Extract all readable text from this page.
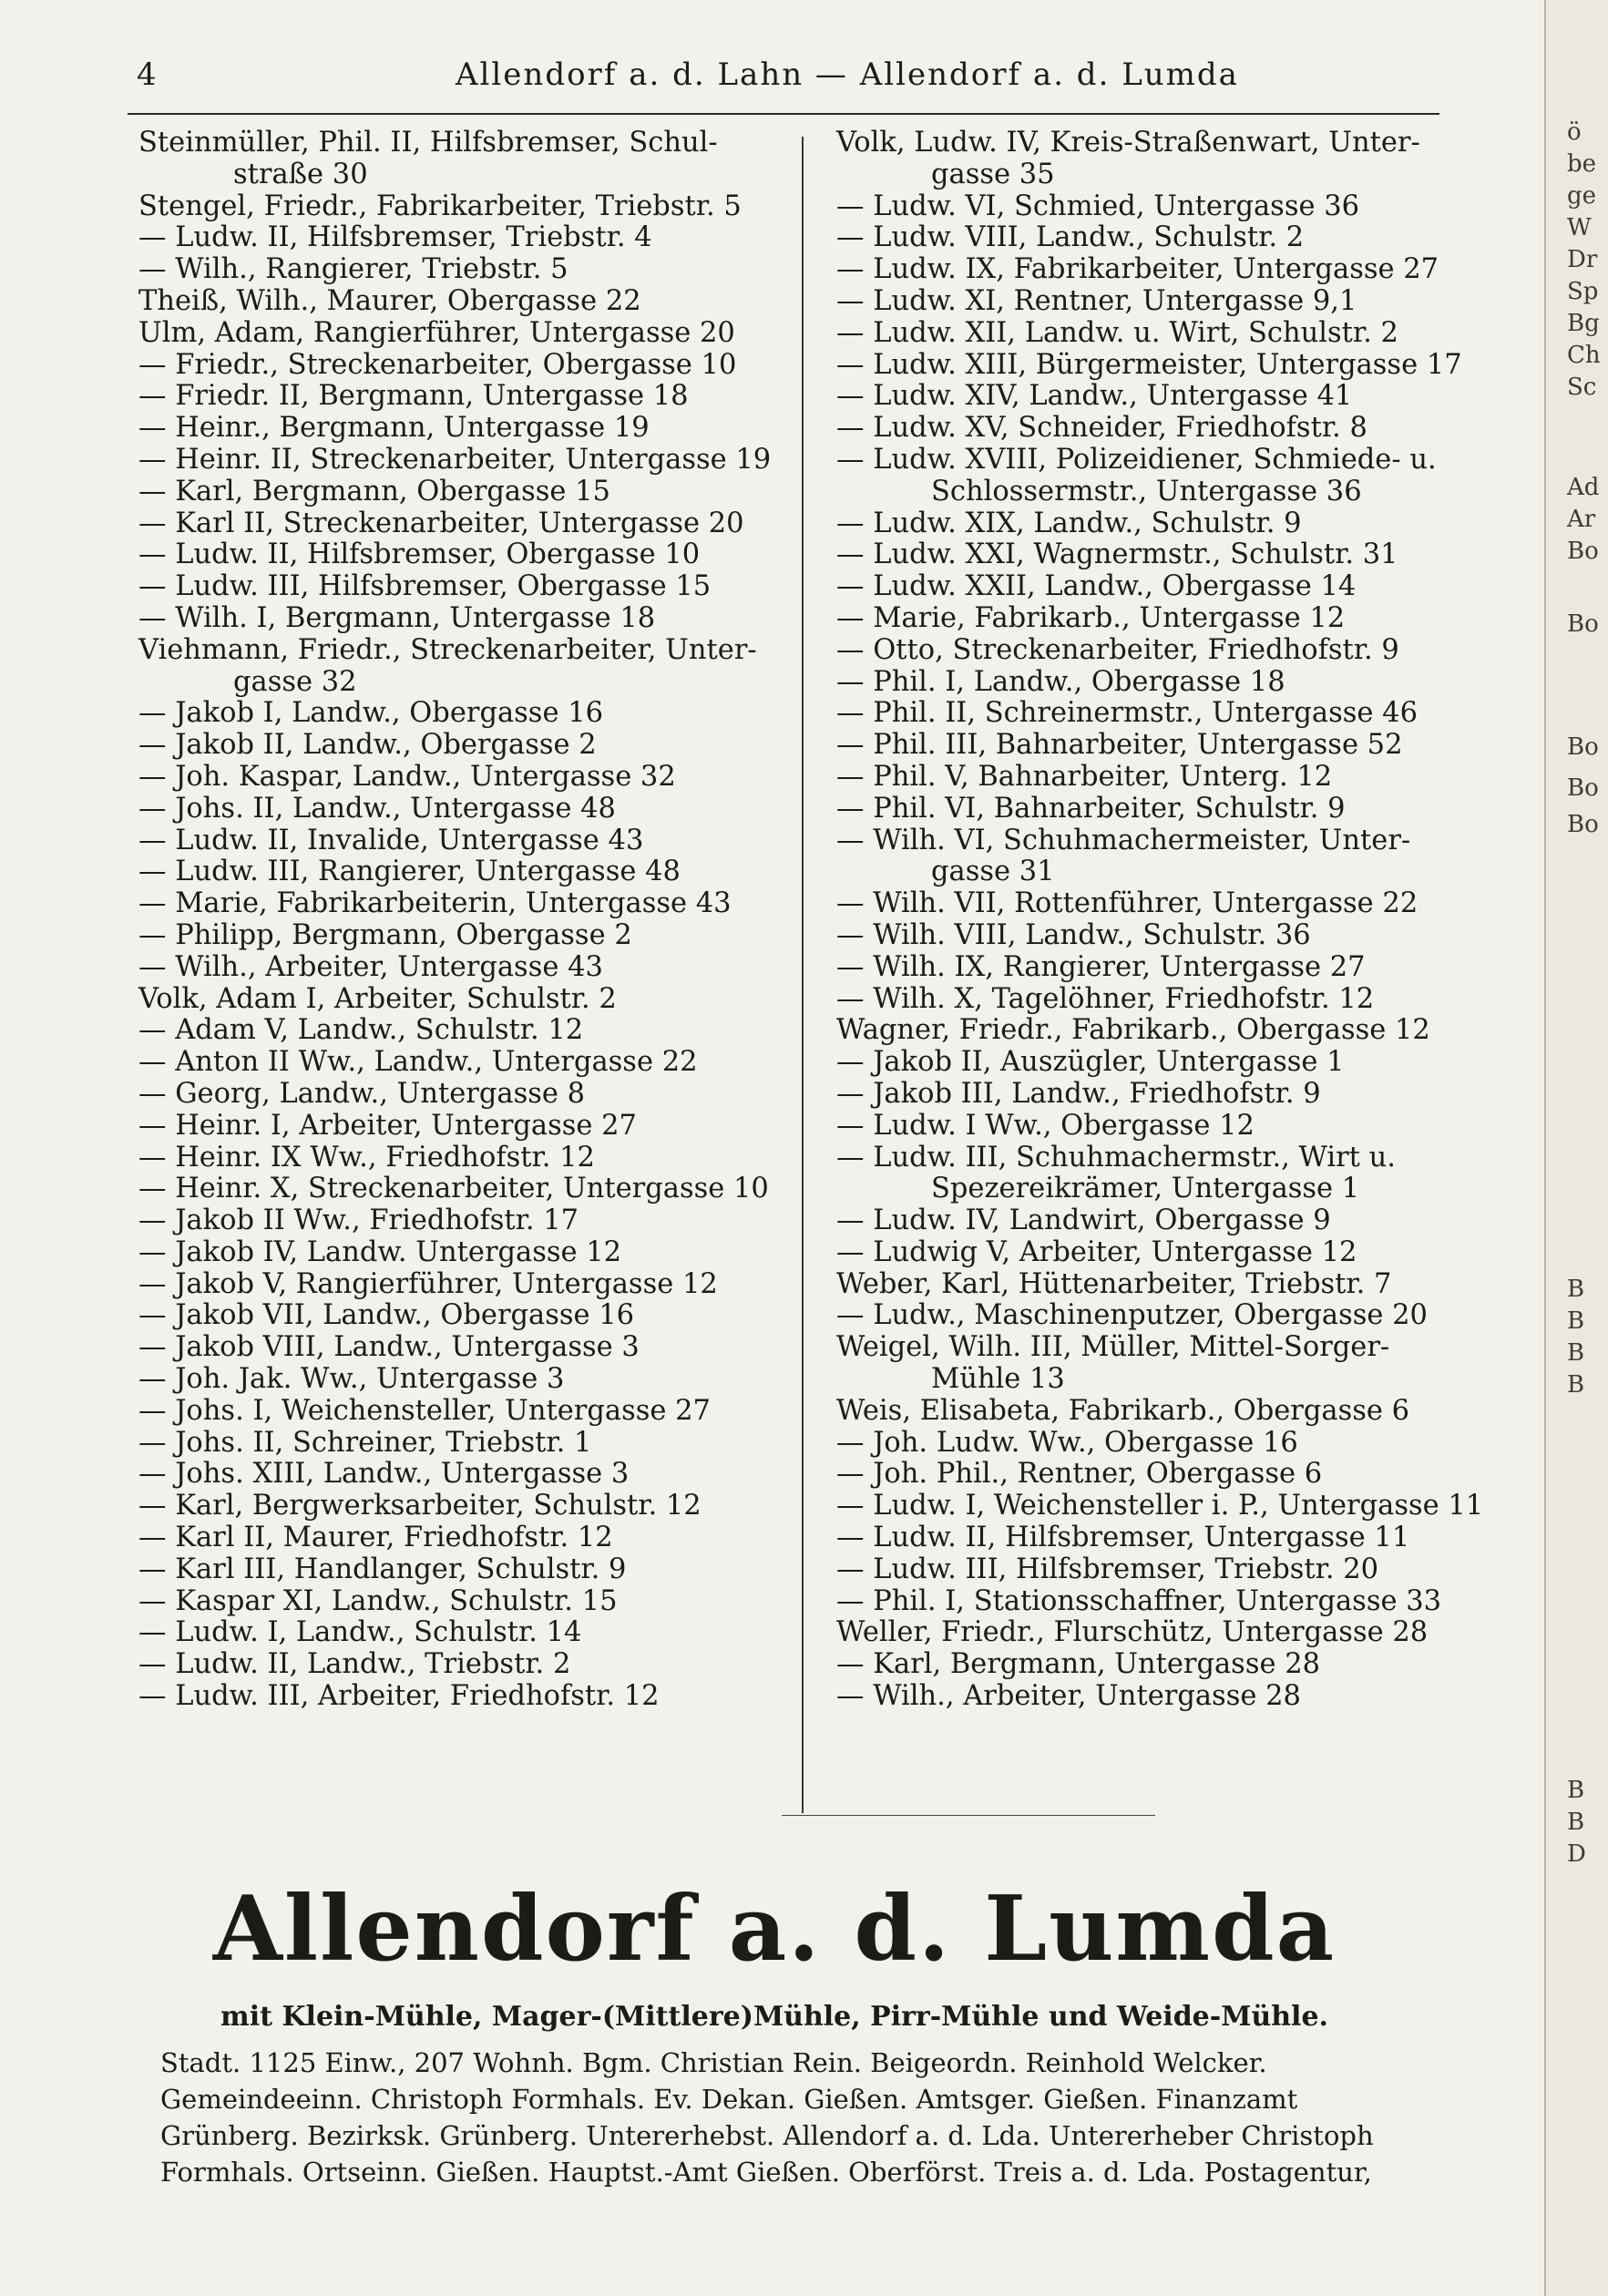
4	Allendorf a. d. Lahn — Allendorf a. d. Lumda
Steinmüller, Phil. II, Hilfsbremser, Schul-
straße 30
Stengel, Friedr., Fabrikarbeiter, Triebstr. 5
— Ludw. II, Hilfsbremser, Triebstr. 4
— Wilh., Rangierer, Triebstr. 5
Theiß, Wilh., Maurer, Obergasse 22
Ulm, Adam, Rangierführer, Untergasse 20
— Friedr., Streckenarbeiter, Obergasse 10
— Friedr. II, Bergmann, Untergasse 18
— Heinr., Bergmann, Untergasse 19
— Heinr. II, Streckenarbeiter, Untergasse 19
— Karl, Bergmann, Obergasse 15
— Karl II, Streckenarbeiter, Untergasse 20
— Ludw. II, Hilfsbremser, Obergasse 10
— Ludw. III, Hilfsbremser, Obergasse 15
— Wilh. I, Bergmann, Untergasse 18
Viehmann, Friedr., Streckenarbeiter, Unter-
gasse 32
— Jakob I, Landw., Obergasse 16
— Jakob II, Landw., Obergasse 2
— Joh. Kaspar, Landw., Untergasse 32
— Johs. II, Landw., Untergasse 48
— Ludw. II, Invalide, Untergasse 43
— Ludw. III, Rangierer, Untergasse 48
— Marie, Fabrikarbeiterin, Untergasse 43
— Philipp, Bergmann, Obergasse 2
— Wilh., Arbeiter, Untergasse 43
Volk, Adam I, Arbeiter, Schulstr. 2
— Adam V, Landw., Schulstr. 12
— Anton II Ww., Landw., Untergasse 22
— Georg, Landw., Untergasse 8
— Heinr. I, Arbeiter, Untergasse 27
— Heinr. IX Ww., Friedhofstr. 12
— Heinr. X, Streckenarbeiter, Untergasse 10
— Jakob II Ww., Friedhofstr. 17
— Jakob IV, Landw. Untergasse 12
— Jakob V, Rangierführer, Untergasse 12
— Jakob VII, Landw., Obergasse 16
— Jakob VIII, Landw., Untergasse 3
— Joh. Jak. Ww., Untergasse 3
— Johs. I, Weichensteller, Untergasse 27
— Johs. II, Schreiner, Triebstr. 1
— Johs. XIII, Landw., Untergasse 3
— Karl, Bergwerksarbeiter, Schulstr. 12
— Karl II, Maurer, Friedhofstr. 12
— Karl III, Handlanger, Schulstr. 9
— Kaspar XI, Landw., Schulstr. 15
— Ludw. I, Landw., Schulstr. 14
— Ludw. II, Landw., Triebstr. 2
— Ludw. III, Arbeiter, Friedhofstr. 12
Volk, Ludw. IV, Kreis-Straßenwart, Unter-
gasse 35
— Ludw. VI, Schmied, Untergasse 36
— Ludw. VIII, Landw., Schulstr. 2
— Ludw. IX, Fabrikarbeiter, Untergasse 27
— Ludw. XI, Rentner, Untergasse 9,1
— Ludw. XII, Landw. u. Wirt, Schulstr. 2
— Ludw. XIII, Bürgermeister, Untergasse 17
— Ludw. XIV, Landw., Untergasse 41
— Ludw. XV, Schneider, Friedhofstr. 8
— Ludw. XVIII, Polizeidiener, Schmiede- u.
Schlossermstr., Untergasse 36
— Ludw. XIX, Landw., Schulstr. 9
— Ludw. XXI, Wagnermstr., Schulstr. 31
— Ludw. XXII, Landw., Obergasse 14
— Marie, Fabrikarb., Untergasse 12
— Otto, Streckenarbeiter, Friedhofstr. 9
— Phil. I, Landw., Obergasse 18
— Phil. II, Schreinermstr., Untergasse 46
— Phil. III, Bahnarbeiter, Untergasse 52
— Phil. V, Bahnarbeiter, Unterg. 12
— Phil. VI, Bahnarbeiter, Schulstr. 9
— Wilh. VI, Schuhmachermeister, Unter-
gasse 31
— Wilh. VII, Rottenführer, Untergasse 22
— Wilh. VIII, Landw., Schulstr. 36
— Wilh. IX, Rangierer, Untergasse 27
— Wilh. X, Tagelöhner, Friedhofstr. 12
Wagner, Friedr., Fabrikarb., Obergasse 12
— Jakob II, Auszügler, Untergasse 1
— Jakob III, Landw., Friedhofstr. 9
— Ludw. I Ww., Obergasse 12
— Ludw. III, Schuhmachermstr., Wirt u.
Spezereikrämer, Untergasse 1
— Ludw. IV, Landwirt, Obergasse 9
— Ludwig V, Arbeiter, Untergasse 12
Weber, Karl, Hüttenarbeiter, Triebstr. 7
— Ludw., Maschinenputzer, Obergasse 20
Weigel, Wilh. III, Müller, Mittel-Sorger-
Mühle 13
Weis, Elisabeta, Fabrikarb., Obergasse 6
— Joh. Ludw. Ww., Obergasse 16
— Joh. Phil., Rentner, Obergasse 6
— Ludw. I, Weichensteller i. P., Untergasse 11
— Ludw. II, Hilfsbremser, Untergasse 11
— Ludw. III, Hilfsbremser, Triebstr. 20
— Phil. I, Stationsschaffner, Untergasse 33
Weller, Friedr., Flurschütz, Untergasse 28
— Karl, Bergmann, Untergasse 28
— Wilh., Arbeiter, Untergasse 28
Allendorf a. d. Lumda
mit Klein-Mühle, Mager-(Mittlere)Mühle, Pirr-Mühle und Weide-Mühle.
Stadt. 1125 Einw., 207 Wohnh. Bgm. Christian Rein. Beigeordn. Reinhold Welcker.
Gemeindeeinn. Christoph Formhals. Ev. Dekan. Gießen. Amtsger. Gießen. Finanzamt
Grünberg. Bezirksk. Grünberg. Untererhebst. Allendorf a. d. Lda. Untererheber Christoph
Formhals. Ortseinn. Gießen. Hauptst.-Amt Gießen. Oberförst. Treis a. d. Lda. Postagentur,
ö
be
ge
W
Dr
Sp
Bg
Ch
Sc
Ad
Ar
Bo
Bo
Bo
Bo
Bo
B
B
B
B
B
B
D
